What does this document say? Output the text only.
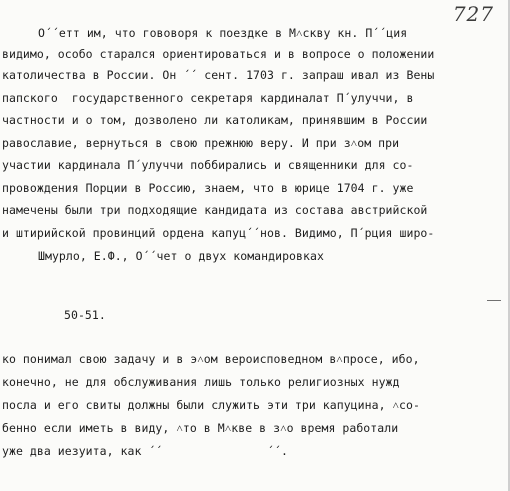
727

О´´етт им, что гововоря к поездке в М˄скву кн. П´´ция

видимо, особо старался ориентироваться и в вопросе о положении

католичества в России. Он ´´ сент. 1703 г. запраш ивал из Вены

папского  государственного секретаря кардиналат П´улуччи, в

частности и о том, дозволено ли католикам, принявшим в России

равославие, вернуться в свою прежнюю веру. И при з˄ом при

участии кардинала П´улуччи поббирались и священники для со-

провождения Порции в Россию, знаем, что в юрице 1704 г. уже

намечены были три подходящие кандидата из состава австрийской

и штирийской провинций ордена капуц´´нов. Видимо, П´рция широ-

Шмурло, Е.Ф., О´´чет о двух командировках

50-51.

ко понимал свою задачу и в э˄ом вероисповедном в˄просе, ибо,

конечно, не для обслуживания лишь только религиозных нужд

посла и его свиты должны были служить эти три капуцина, ˄со-

бенно если иметь в виду, ˄то в М˄кве в з˄о время работали

уже два иезуита, как ´´               ´´.
